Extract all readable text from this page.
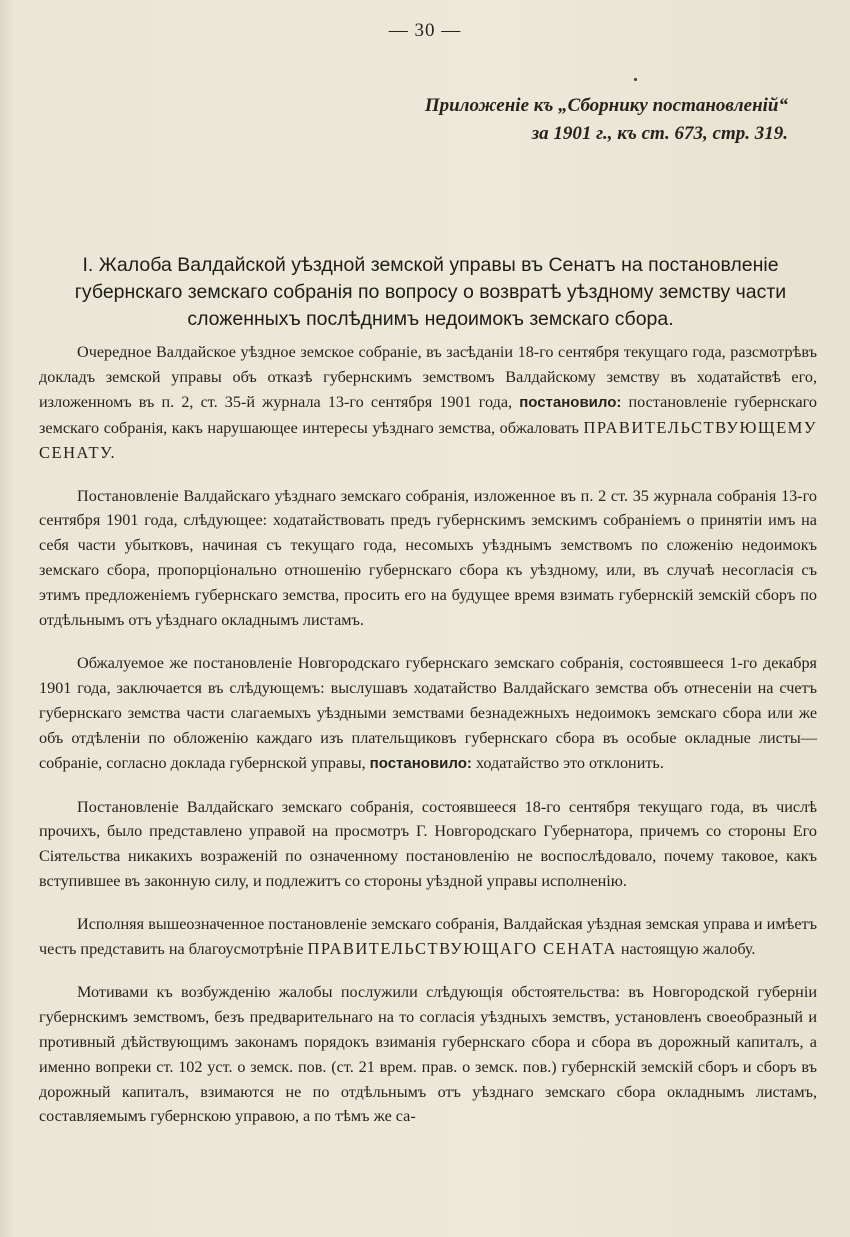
— 30 —
Приложенiе къ „Сборнику постановленiй“
за 1901 г., къ ст. 673, стр. 319.
I. Жалоба Валдайской уѣздной земской управы въ Сенатъ на постановленiе губернскаго земскаго собранiя по вопросу о возвратѣ уѣздному земству части сложенныхъ послѣднимъ недоимокъ земскаго сбора.

Очередное Валдайское уѣздное земское собранiе, въ засѣданiи 18-го сентября текущаго года, разсмотрѣвъ докладъ земской управы объ отказѣ губернскимъ земствомъ Валдайскому земству въ ходатайствѣ его, изложенномъ въ п. 2, ст. 35-й журнала 13-го сентября 1901 года, постановило: постановленiе губернскаго земскаго собранiя, какъ нарушающее интересы уѣзднаго земства, обжаловать ПРАВИТЕЛЬСТВУЮЩЕМУ СЕНАТУ.

Постановленiе Валдайскаго уѣзднаго земскаго собранiя, изложенное въ п. 2 ст. 35 журнала собранiя 13-го сентября 1901 года, слѣдующее: ходатайствовать предъ губернскимъ земскимъ собранiемъ о принятiи имъ на себя части убытковъ, начиная съ текущаго года, несомыхъ уѣзднымъ земствомъ по сложенiю недоимокъ земскаго сбора, пропорцiонально отношенiю губернскаго сбора къ уѣздному, или, въ случаѣ несогласiя съ этимъ предложенiемъ губернскаго земства, просить его на будущее время взимать губернскiй земскiй сборъ по отдѣльнымъ отъ уѣзднаго окладнымъ листамъ.

Обжалуемое же постановленiе Новгородскаго губернскаго земскаго собранiя, состоявшееся 1-го декабря 1901 года, заключается въ слѣдующемъ: выслушавъ ходатайство Валдайскаго земства объ отнесенiи на счетъ губернскаго земства части слагаемыхъ уѣздными земствами безнадежныхъ недоимокъ земскаго сбора или же объ отдѣленiи по обложенiю каждаго изъ плательщиковъ губернскаго сбора въ особые окладные листы—собранiе, согласно доклада губернской управы, постановило: ходатайство это отклонить.

Постановленiе Валдайскаго земскаго собранiя, состоявшееся 18-го сентября текущаго года, въ числѣ прочихъ, было представлено управой на просмотръ Г. Новгородскаго Губернатора, причемъ со стороны Его Сiятельства никакихъ возраженiй по означенному постановленiю не воспослѣдовало, почему таковое, какъ вступившее въ законную силу, и подлежитъ со стороны уѣздной управы исполненiю.

Исполняя вышеозначенное постановленiе земскаго собранiя, Валдайская уѣздная земская управа и имѣетъ честь представить на благоусмотрѣнiе ПРАВИТЕЛЬСТВУЮЩАГО СЕНАТА настоящую жалобу.

Мотивами къ возбужденiю жалобы послужили слѣдующiя обстоятельства: въ Новгородской губернiи губернскимъ земствомъ, безъ предварительнаго на то согласiя уѣздныхъ земствъ, установленъ своеобразный и противный дѣйствующимъ законамъ порядокъ взиманiя губернскаго сбора и сбора въ дорожный капиталъ, а именно вопреки ст. 102 уст. о земск. пов. (ст. 21 врем. прав. о земск. пов.) губернскiй земскiй сборъ и сборъ въ дорожный капиталъ, взимаются не по отдѣльнымъ отъ уѣзднаго земскаго сбора окладнымъ листамъ, составляемымъ губернскою управою, а по тѣмъ же са-
